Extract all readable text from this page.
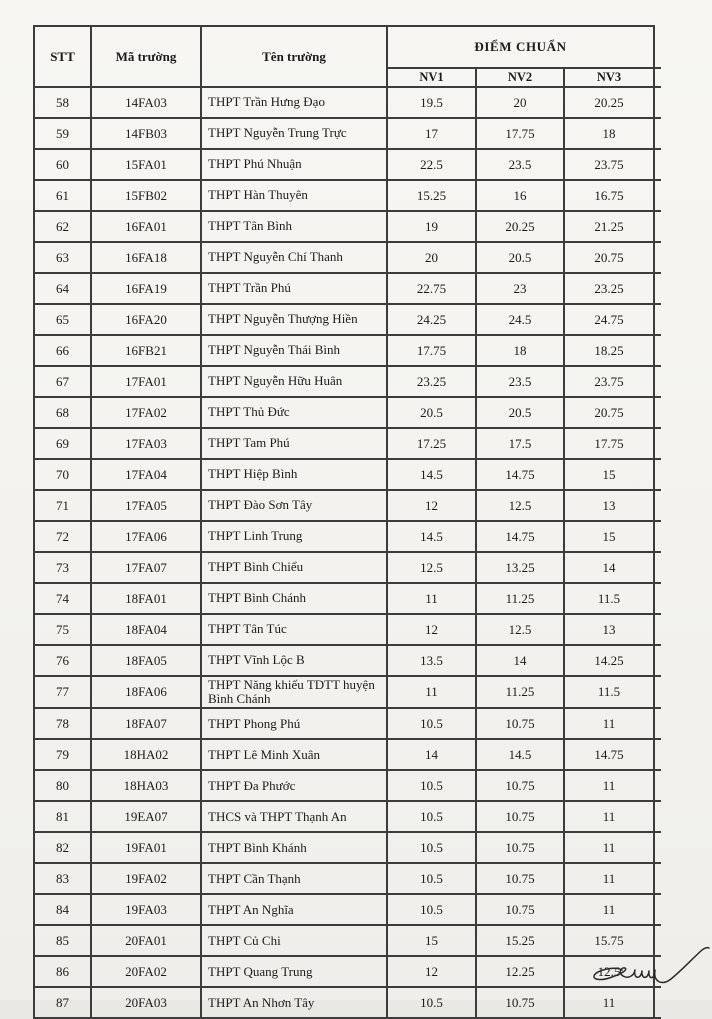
STT	Mã trường	Tên trường	ĐIỂM CHUẨN		
			NV1	NV2	NV3
58	14FA03	THPT Trần Hưng Đạo	19.5	20	20.25
59	14FB03	THPT Nguyễn Trung Trực	17	17.75	18
60	15FA01	THPT Phú Nhuận	22.5	23.5	23.75
61	15FB02	THPT Hàn Thuyên	15.25	16	16.75
62	16FA01	THPT Tân Bình	19	20.25	21.25
63	16FA18	THPT Nguyễn Chí Thanh	20	20.5	20.75
64	16FA19	THPT Trần Phú	22.75	23	23.25
65	16FA20	THPT Nguyễn Thượng Hiền	24.25	24.5	24.75
66	16FB21	THPT Nguyễn Thái Bình	17.75	18	18.25
67	17FA01	THPT Nguyễn Hữu Huân	23.25	23.5	23.75
68	17FA02	THPT Thủ Đức	20.5	20.5	20.75
69	17FA03	THPT Tam Phú	17.25	17.5	17.75
70	17FA04	THPT Hiệp Bình	14.5	14.75	15
71	17FA05	THPT Đào Sơn Tây	12	12.5	13
72	17FA06	THPT Linh Trung	14.5	14.75	15
73	17FA07	THPT Bình Chiểu	12.5	13.25	14
74	18FA01	THPT Bình Chánh	11	11.25	11.5
75	18FA04	THPT Tân Túc	12	12.5	13
76	18FA05	THPT Vĩnh Lộc B	13.5	14	14.25
77	18FA06	THPT Năng khiếu TDTT huyện Bình Chánh	11	11.25	11.5
78	18FA07	THPT Phong Phú	10.5	10.75	11
79	18HA02	THPT Lê Minh Xuân	14	14.5	14.75
80	18HA03	THPT Đa Phước	10.5	10.75	11
81	19EA07	THCS và THPT Thạnh An	10.5	10.75	11
82	19FA01	THPT Bình Khánh	10.5	10.75	11
83	19FA02	THPT Cần Thạnh	10.5	10.75	11
84	19FA03	THPT An Nghĩa	10.5	10.75	11
85	20FA01	THPT Củ Chi	15	15.25	15.75
86	20FA02	THPT Quang Trung	12	12.25	12.5
87	20FA03	THPT An Nhơn Tây	10.5	10.75	11
